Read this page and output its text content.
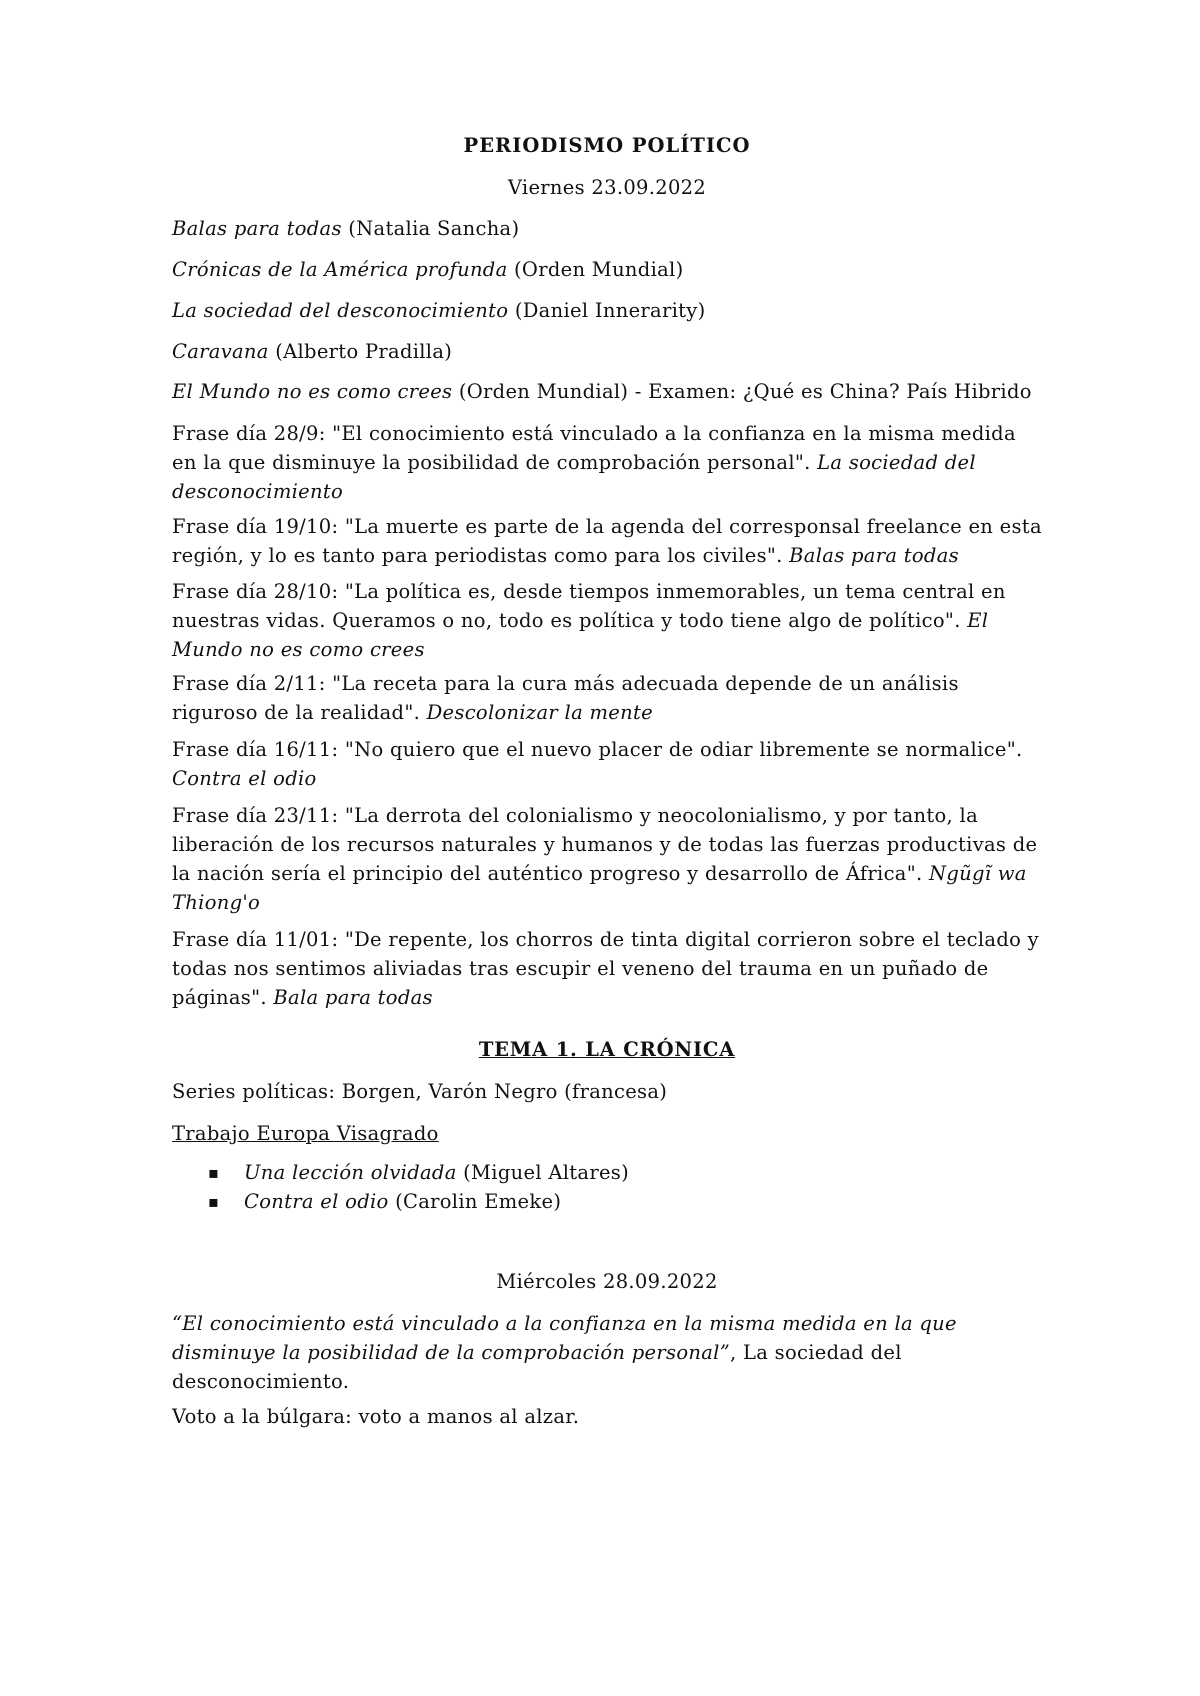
PERIODISMO POLÍTICO
Viernes 23.09.2022
Balas para todas (Natalia Sancha)
Crónicas de la América profunda (Orden Mundial)
La sociedad del desconocimiento (Daniel Innerarity)
Caravana (Alberto Pradilla)
El Mundo no es como crees (Orden Mundial) - Examen: ¿Qué es China? País Hibrido
Frase día 28/9: "El conocimiento está vinculado a la confianza en la misma medida en la que disminuye la posibilidad de comprobación personal". La sociedad del desconocimiento
Frase día 19/10: "La muerte es parte de la agenda del corresponsal freelance en esta región, y lo es tanto para periodistas como para los civiles". Balas para todas
Frase día 28/10: "La política es, desde tiempos inmemorables, un tema central en nuestras vidas. Queramos o no, todo es política y todo tiene algo de político". El Mundo no es como crees
Frase día 2/11: "La receta para la cura más adecuada depende de un análisis riguroso de la realidad". Descolonizar la mente
Frase día 16/11: "No quiero que el nuevo placer de odiar libremente se normalice". Contra el odio
Frase día 23/11: "La derrota del colonialismo y neocolonialismo, y por tanto, la liberación de los recursos naturales y humanos y de todas las fuerzas productivas de la nación sería el principio del auténtico progreso y desarrollo de África". Ngũgĩ wa Thiong'o
Frase día 11/01: "De repente, los chorros de tinta digital corrieron sobre el teclado y todas nos sentimos aliviadas tras escupir el veneno del trauma en un puñado de páginas". Bala para todas
TEMA 1. LA CRÓNICA
Series políticas: Borgen, Varón Negro (francesa)
Trabajo Europa Visagrado
▪ Una lección olvidada (Miguel Altares)
▪ Contra el odio (Carolin Emeke)
Miércoles 28.09.2022
“El conocimiento está vinculado a la confianza en la misma medida en la que disminuye la posibilidad de la comprobación personal”, La sociedad del desconocimiento.
Voto a la búlgara: voto a manos al alzar.
